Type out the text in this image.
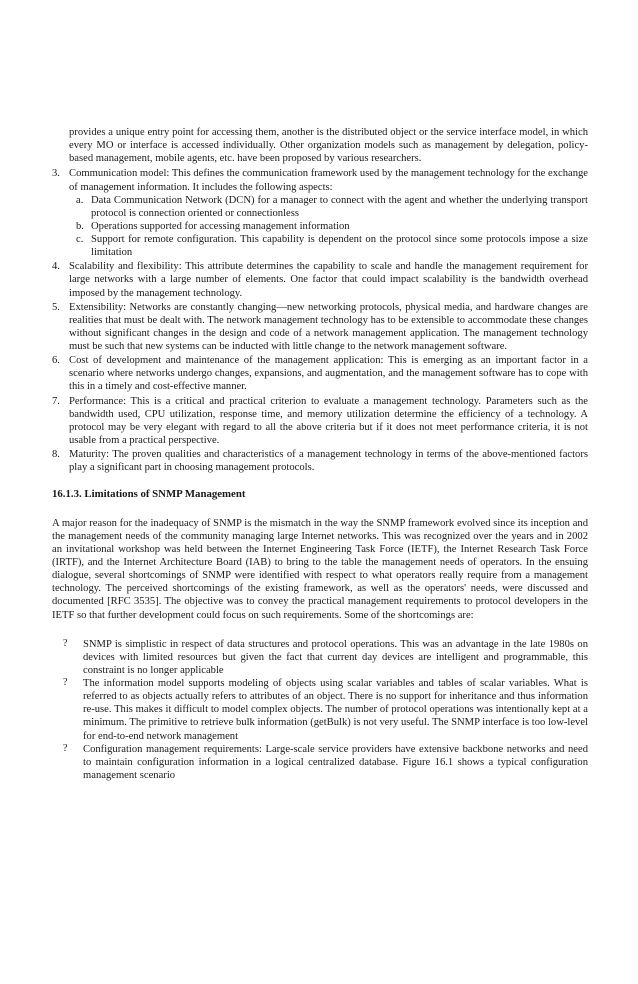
provides a unique entry point for accessing them, another is the distributed object or the service interface model, in which every MO or interface is accessed individually. Other organization models such as management by delegation, policy-based management, mobile agents, etc. have been proposed by various researchers.

3. Communication model: This defines the communication framework used by the management technology for the exchange of management information. It includes the following aspects:
a. Data Communication Network (DCN) for a manager to connect with the agent and whether the underlying transport protocol is connection oriented or connectionless
b. Operations supported for accessing management information
c. Support for remote configuration. This capability is dependent on the protocol since some protocols impose a size limitation
4. Scalability and flexibility: This attribute determines the capability to scale and handle the management requirement for large networks with a large number of elements. One factor that could impact scalability is the bandwidth overhead imposed by the management technology.
5. Extensibility: Networks are constantly changing—new networking protocols, physical media, and hardware changes are realities that must be dealt with. The network management technology has to be extensible to accommodate these changes without significant changes in the design and code of a network management application. The management technology must be such that new systems can be inducted with little change to the network management software.
6. Cost of development and maintenance of the management application: This is emerging as an important factor in a scenario where networks undergo changes, expansions, and augmentation, and the management software has to cope with this in a timely and cost-effective manner.
7. Performance: This is a critical and practical criterion to evaluate a management technology. Parameters such as the bandwidth used, CPU utilization, response time, and memory utilization determine the efficiency of a technology. A protocol may be very elegant with regard to all the above criteria but if it does not meet performance criteria, it is not usable from a practical perspective.
8. Maturity: The proven qualities and characteristics of a management technology in terms of the above-mentioned factors play a significant part in choosing management protocols.
16.1.3. Limitations of SNMP Management

A major reason for the inadequacy of SNMP is the mismatch in the way the SNMP framework evolved since its inception and the management needs of the community managing large Internet networks. This was recognized over the years and in 2002 an invitational workshop was held between the Internet Engineering Task Force (IETF), the Internet Research Task Force (IRTF), and the Internet Architecture Board (IAB) to bring to the table the management needs of operators. In the ensuing dialogue, several shortcomings of SNMP were identified with respect to what operators really require from a management technology. The perceived shortcomings of the existing framework, as well as the operators' needs, were discussed and documented [RFC 3535]. The objective was to convey the practical management requirements to protocol developers in the IETF so that further development could focus on such requirements. Some of the shortcomings are:

? SNMP is simplistic in respect of data structures and protocol operations. This was an advantage in the late 1980s on devices with limited resources but given the fact that current day devices are intelligent and programmable, this constraint is no longer applicable
? The information model supports modeling of objects using scalar variables and tables of scalar variables. What is referred to as objects actually refers to attributes of an object. There is no support for inheritance and thus information re-use. This makes it difficult to model complex objects. The number of protocol operations was intentionally kept at a minimum. The primitive to retrieve bulk information (getBulk) is not very useful. The SNMP interface is too low-level for end-to-end network management
? Configuration management requirements: Large-scale service providers have extensive backbone networks and need to maintain configuration information in a logical centralized database. Figure 16.1 shows a typical configuration management scenario
